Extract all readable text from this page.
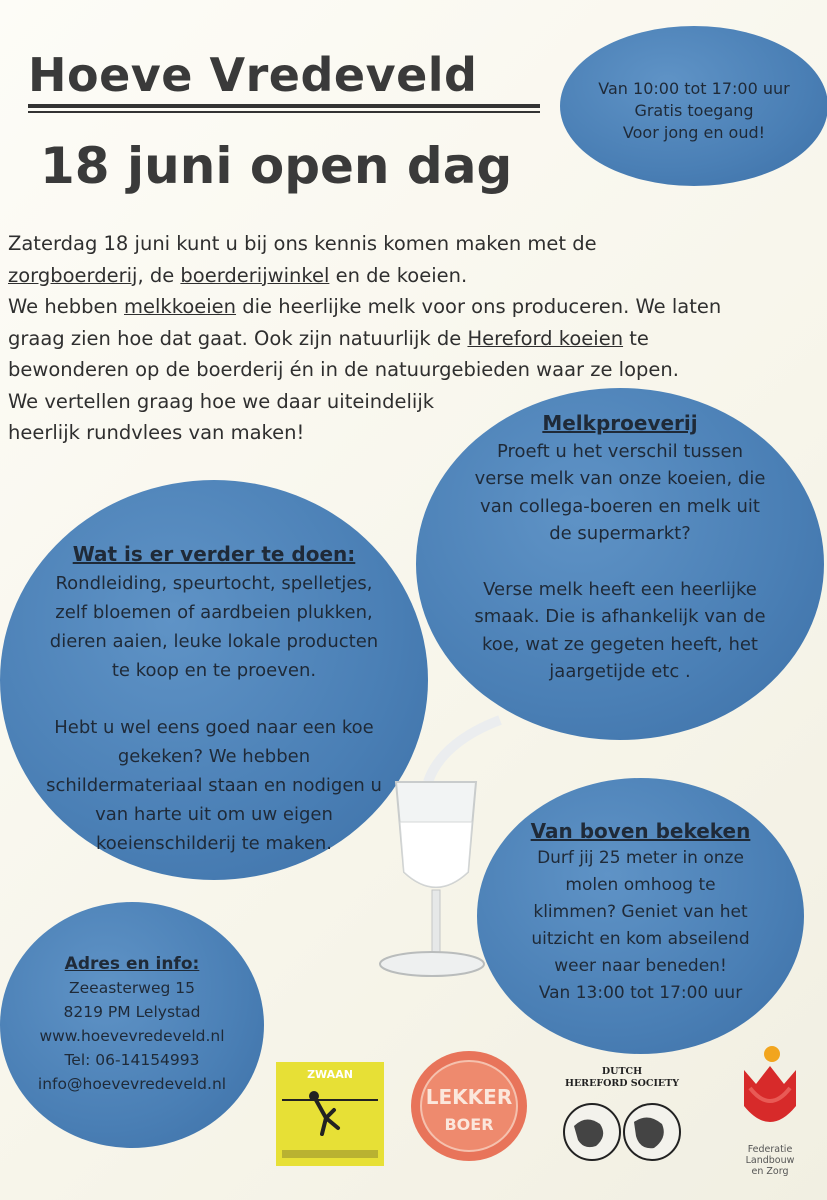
Hoeve Vredeveld
18 juni open dag
Van 10:00 tot 17:00 uur
Gratis toegang
Voor jong en oud!

Zaterdag 18 juni kunt u bij ons kennis komen maken met de
zorgboerderij, de boerderijwinkel en de koeien.
We hebben melkkoeien die heerlijke melk voor ons produceren. We laten
graag zien hoe dat gaat. Ook zijn natuurlijk de Hereford koeien te
bewonderen op de boerderij én in de natuurgebieden waar ze lopen.
We vertellen graag hoe we daar uiteindelijk
heerlijk rundvlees van maken!	Melkproeverij
Proeft u het verschil tussen
verse melk van onze koeien, die
van collega-boeren en melk uit
de supermarkt?
Verse melk heeft een heerlijke
smaak. Die is afhankelijk van de
koe, wat ze gegeten heeft, het
jaargetijde etc .
Wat is er verder te doen:
Rondleiding, speurtocht, spelletjes,
zelf bloemen of aardbeien plukken,
dieren aaien, leuke lokale producten
te koop en te proeven.
Hebt u wel eens goed naar een koe
gekeken? We hebben
schildermateriaal staan en nodigen u
van harte uit om uw eigen
koeienschilderij te maken.
Van boven bekeken
Durf jij 25 meter in onze
molen omhoog te
klimmen? Geniet van het
uitzicht en kom abseilend
weer naar beneden!
Van 13:00 tot 17:00 uur
Adres en info:
Zeeasterweg 15
8219 PM Lelystad
www.hoevevredeveld.nl
Tel: 06-14154993
info@hoevevredeveld.nl
ZWAAN
LEKKER
BOER
DUTCH
HEREFORD SOCIETY
Federatie
Landbouw
en Zorg
